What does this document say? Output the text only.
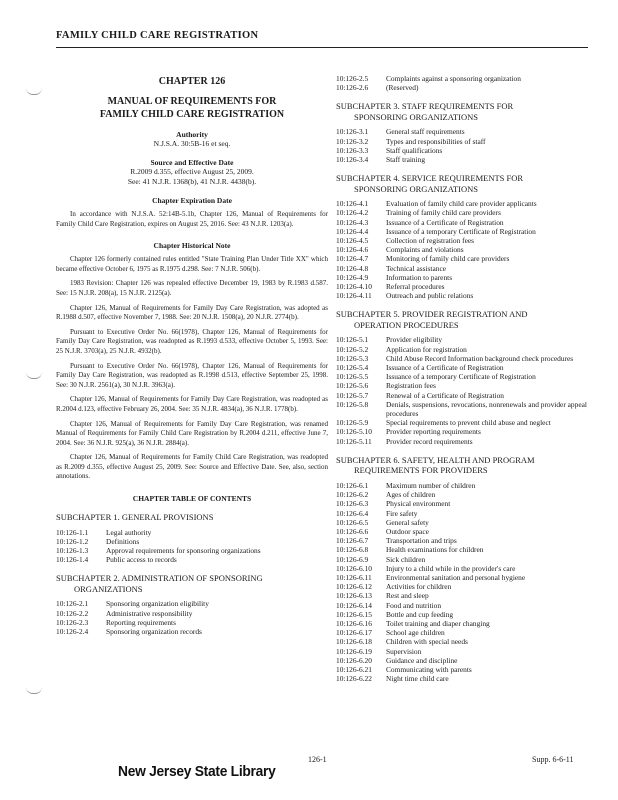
FAMILY CHILD CARE REGISTRATION
CHAPTER 126
MANUAL OF REQUIREMENTS FOR
FAMILY CHILD CARE REGISTRATION
Authority
N.J.S.A. 30:5B-16 et seq.
Source and Effective Date
R.2009 d.355, effective August 25, 2009.
See: 41 N.J.R. 1368(b), 41 N.J.R. 4438(b).
Chapter Expiration Date
In accordance with N.J.S.A. 52:14B-5.1b, Chapter 126, Manual of Requirements for Family Child Care Registration, expires on August 25, 2016. See: 43 N.J.R. 1203(a).
Chapter Historical Note
Chapter 126 formerly contained rules entitled "State Training Plan Under Title XX" which became effective October 6, 1975 as R.1975 d.298. See: 7 N.J.R. 506(b).
1983 Revision: Chapter 126 was repealed effective December 19, 1983 by R.1983 d.587. See: 15 N.J.R. 208(a), 15 N.J.R. 2125(a).
Chapter 126, Manual of Requirements for Family Day Care Registration, was adopted as R.1988 d.507, effective November 7, 1988. See: 20 N.J.R. 1508(a), 20 N.J.R. 2774(b).
Pursuant to Executive Order No. 66(1978), Chapter 126, Manual of Requirements for Family Day Care Registration, was readopted as R.1993 d.533, effective October 5, 1993. See: 25 N.J.R. 3703(a), 25 N.J.R. 4932(b).
Pursuant to Executive Order No. 66(1978), Chapter 126, Manual of Requirements for Family Day Care Registration, was readopted as R.1998 d.513, effective September 25, 1998. See: 30 N.J.R. 2561(a), 30 N.J.R. 3963(a).
Chapter 126, Manual of Requirements for Family Day Care Registration, was readopted as R.2004 d.123, effective February 26, 2004. See: 35 N.J.R. 4834(a), 36 N.J.R. 1778(b).
Chapter 126, Manual of Requirements for Family Day Care Registration, was renamed Manual of Requirements for Family Child Care Registration by R.2004 d.211, effective June 7, 2004. See: 36 N.J.R. 925(a), 36 N.J.R. 2884(a).
Chapter 126, Manual of Requirements for Family Child Care Registration, was readopted as R.2009 d.355, effective August 25, 2009. See: Source and Effective Date. See, also, section annotations.
CHAPTER TABLE OF CONTENTS
SUBCHAPTER 1. GENERAL PROVISIONS
10:126-1.1	Legal authority
10:126-1.2	Definitions
10:126-1.3	Approval requirements for sponsoring organizations
10:126-1.4	Public access to records
SUBCHAPTER 2. ADMINISTRATION OF SPONSORING
ORGANIZATIONS
10:126-2.1	Sponsoring organization eligibility
10:126-2.2	Administrative responsibility
10:126-2.3	Reporting requirements
10:126-2.4	Sponsoring organization records
10:126-2.5	Complaints against a sponsoring organization
10:126-2.6	(Reserved)
SUBCHAPTER 3. STAFF REQUIREMENTS FOR
SPONSORING ORGANIZATIONS
10:126-3.1	General staff requirements
10:126-3.2	Types and responsibilities of staff
10:126-3.3	Staff qualifications
10:126-3.4	Staff training
SUBCHAPTER 4. SERVICE REQUIREMENTS FOR
SPONSORING ORGANIZATIONS
10:126-4.1	Evaluation of family child care provider applicants
10:126-4.2	Training of family child care providers
10:126-4.3	Issuance of a Certificate of Registration
10:126-4.4	Issuance of a temporary Certificate of Registration
10:126-4.5	Collection of registration fees
10:126-4.6	Complaints and violations
10:126-4.7	Monitoring of family child care providers
10:126-4.8	Technical assistance
10:126-4.9	Information to parents
10:126-4.10	Referral procedures
10:126-4.11	Outreach and public relations
SUBCHAPTER 5. PROVIDER REGISTRATION AND
OPERATION PROCEDURES
10:126-5.1	Provider eligibility
10:126-5.2	Application for registration
10:126-5.3	Child Abuse Record Information background check procedures
10:126-5.4	Issuance of a Certificate of Registration
10:126-5.5	Issuance of a temporary Certificate of Registration
10:126-5.6	Registration fees
10:126-5.7	Renewal of a Certificate of Registration
10:126-5.8	Denials, suspensions, revocations, nonrenewals and provider appeal procedures
10:126-5.9	Special requirements to prevent child abuse and neglect
10:126-5.10	Provider reporting requirements
10:126-5.11	Provider record requirements
SUBCHAPTER 6. SAFETY, HEALTH AND PROGRAM
REQUIREMENTS FOR PROVIDERS
10:126-6.1	Maximum number of children
10:126-6.2	Ages of children
10:126-6.3	Physical environment
10:126-6.4	Fire safety
10:126-6.5	General safety
10:126-6.6	Outdoor space
10:126-6.7	Transportation and trips
10:126-6.8	Health examinations for children
10:126-6.9	Sick children
10:126-6.10	Injury to a child while in the provider's care
10:126-6.11	Environmental sanitation and personal hygiene
10:126-6.12	Activities for children
10:126-6.13	Rest and sleep
10:126-6.14	Food and nutrition
10:126-6.15	Bottle and cup feeding
10:126-6.16	Toilet training and diaper changing
10:126-6.17	School age children
10:126-6.18	Children with special needs
10:126-6.19	Supervision
10:126-6.20	Guidance and discipline
10:126-6.21	Communicating with parents
10:126-6.22	Night time child care
New Jersey State Library
126-1	Supp. 6-6-11
